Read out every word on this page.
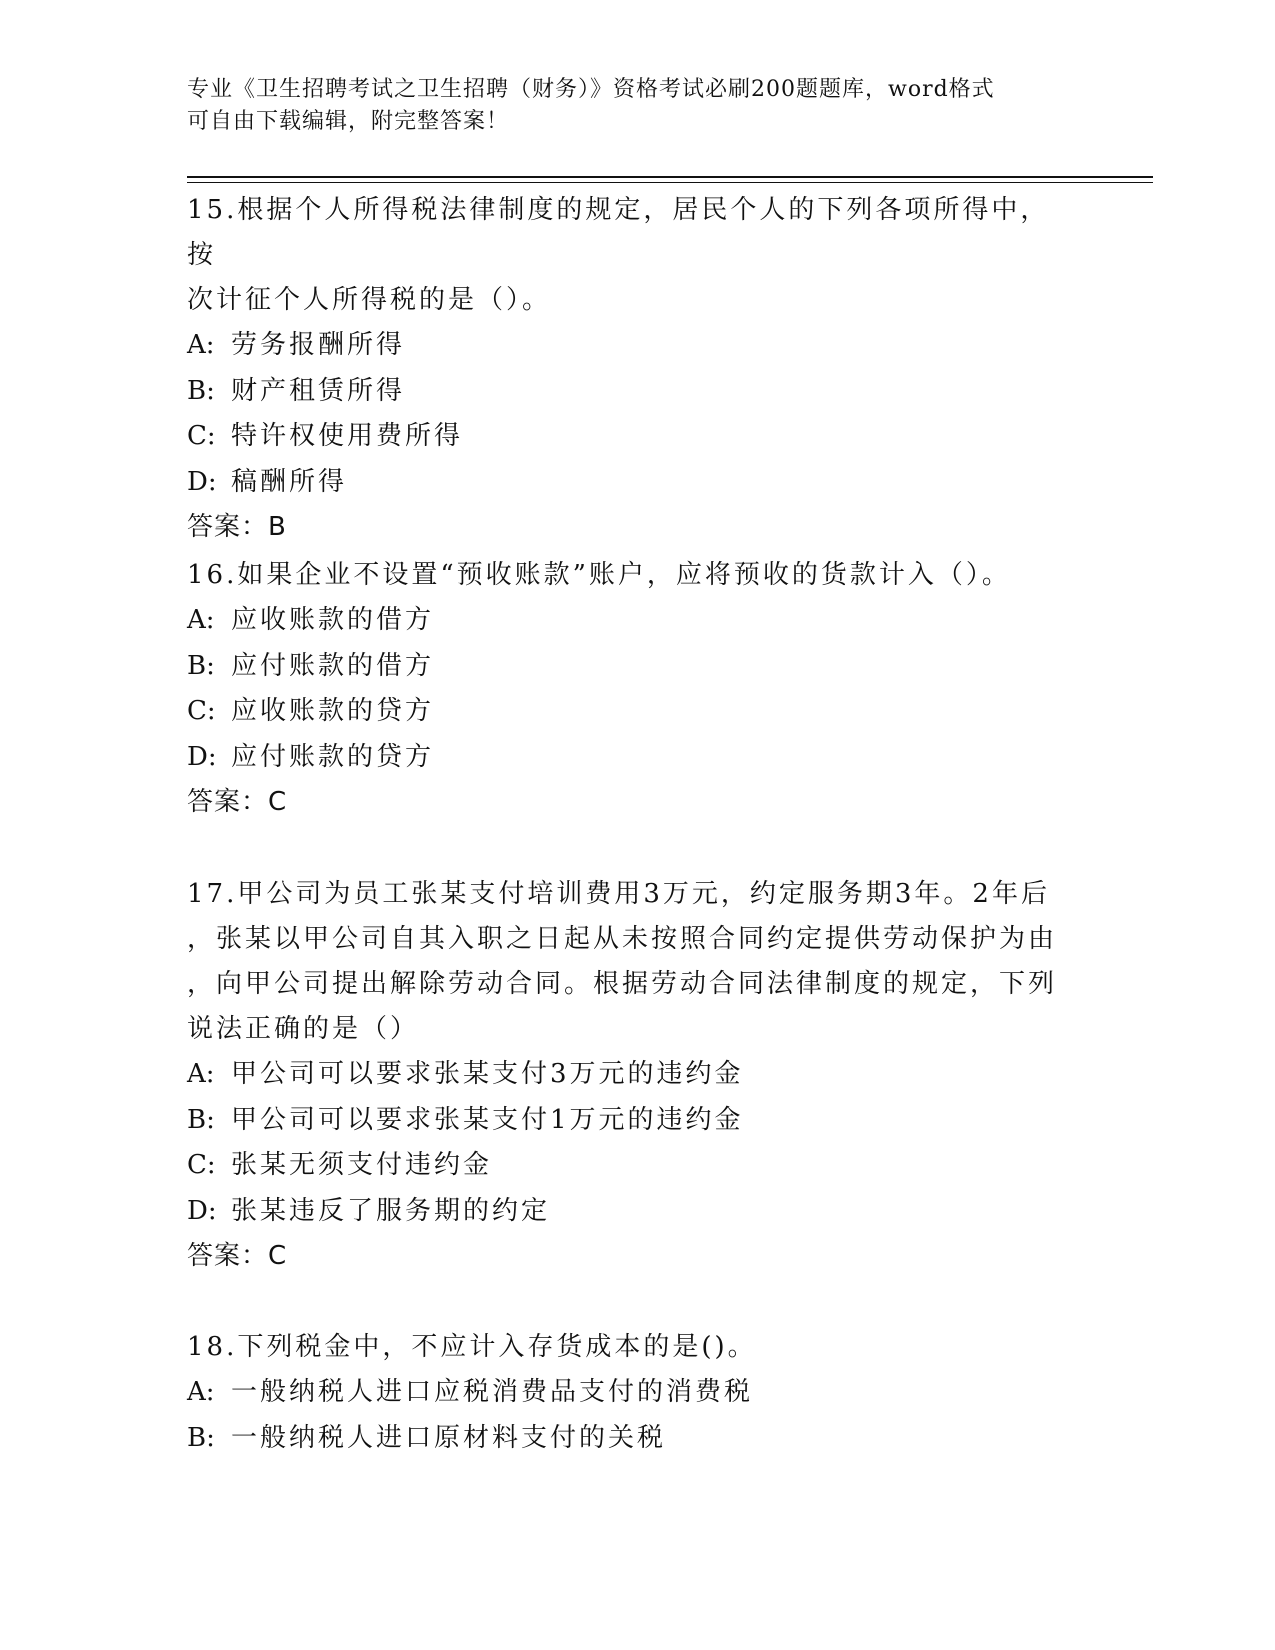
专业《卫生招聘考试之卫生招聘（财务）》资格考试必刷200题题库，word格式
可自由下载编辑，附完整答案！

15.根据个人所得税法律制度的规定，居民个人的下列各项所得中，按

次计征个人所得税的是（）。

A: 劳务报酬所得

B: 财产租赁所得

C: 特许权使用费所得

D: 稿酬所得

答案：B

16.如果企业不设置“预收账款”账户，应将预收的货款计入（）。

A: 应收账款的借方

B: 应付账款的借方

C: 应收账款的贷方

D: 应付账款的贷方

答案：C

17.甲公司为员工张某支付培训费用3万元，约定服务期3年。2年后

，张某以甲公司自其入职之日起从未按照合同约定提供劳动保护为由

，向甲公司提出解除劳动合同。根据劳动合同法律制度的规定，下列

说法正确的是（）

A: 甲公司可以要求张某支付3万元的违约金

B: 甲公司可以要求张某支付1万元的违约金

C: 张某无须支付违约金

D: 张某违反了服务期的约定

答案：C

18.下列税金中，不应计入存货成本的是()。

A: 一般纳税人进口应税消费品支付的消费税

B: 一般纳税人进口原材料支付的关税
